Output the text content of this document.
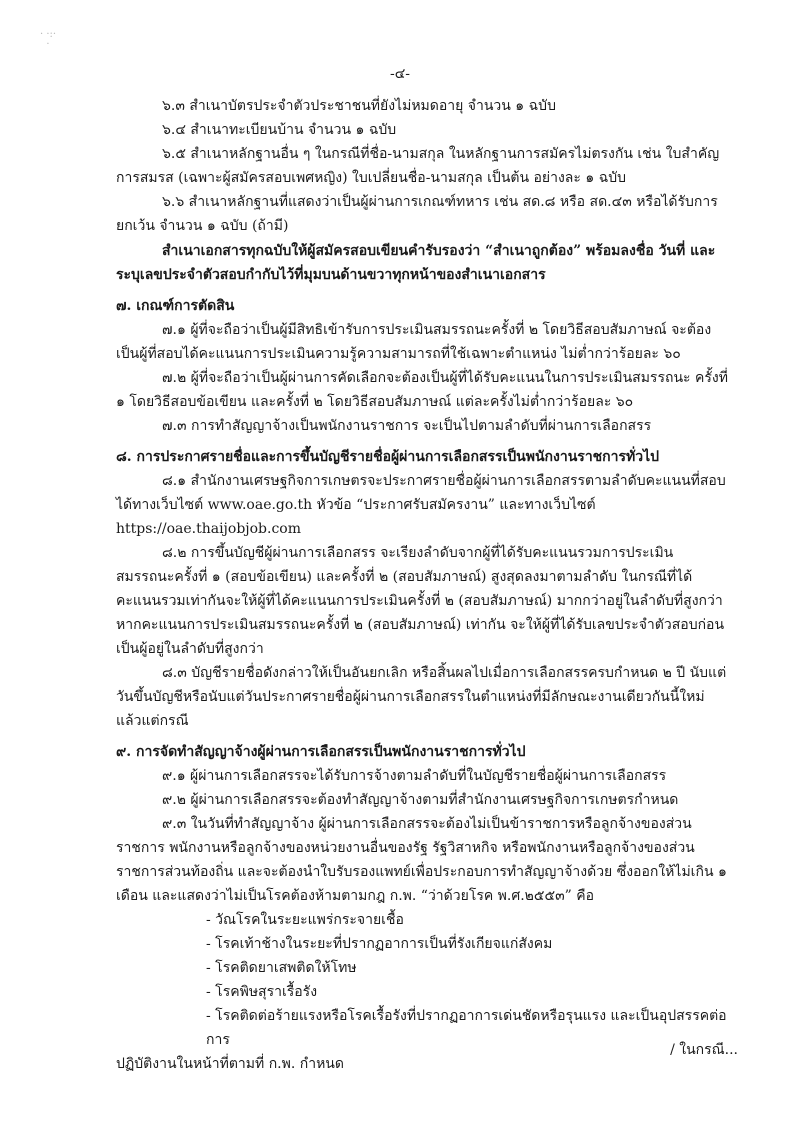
· ·:·
·
-๔-

๖.๓ สำเนาบัตรประจำตัวประชาชนที่ยังไม่หมดอายุ จำนวน ๑ ฉบับ

๖.๔ สำเนาทะเบียนบ้าน จำนวน ๑ ฉบับ

๖.๕ สำเนาหลักฐานอื่น ๆ ในกรณีที่ชื่อ-นามสกุล ในหลักฐานการสมัครไม่ตรงกัน เช่น ใบสำคัญการสมรส (เฉพาะผู้สมัครสอบเพศหญิง) ใบเปลี่ยนชื่อ-นามสกุล เป็นต้น อย่างละ ๑ ฉบับ

๖.๖ สำเนาหลักฐานที่แสดงว่าเป็นผู้ผ่านการเกณฑ์ทหาร เช่น สด.๘ หรือ สด.๔๓ หรือได้รับการยกเว้น จำนวน ๑ ฉบับ (ถ้ามี)

สำเนาเอกสารทุกฉบับให้ผู้สมัครสอบเขียนคำรับรองว่า “สำเนาถูกต้อง” พร้อมลงชื่อ วันที่ และระบุเลขประจำตัวสอบกำกับไว้ที่มุมบนด้านขวาทุกหน้าของสำเนาเอกสาร

๗. เกณฑ์การตัดสิน

๗.๑ ผู้ที่จะถือว่าเป็นผู้มีสิทธิเข้ารับการประเมินสมรรถนะครั้งที่ ๒ โดยวิธีสอบสัมภาษณ์ จะต้องเป็นผู้ที่สอบได้คะแนนการประเมินความรู้ความสามารถที่ใช้เฉพาะตำแหน่ง ไม่ต่ำกว่าร้อยละ ๖๐

๗.๒ ผู้ที่จะถือว่าเป็นผู้ผ่านการคัดเลือกจะต้องเป็นผู้ที่ได้รับคะแนนในการประเมินสมรรถนะ ครั้งที่ ๑ โดยวิธีสอบข้อเขียน และครั้งที่ ๒ โดยวิธีสอบสัมภาษณ์ แต่ละครั้งไม่ต่ำกว่าร้อยละ ๖๐

๗.๓ การทำสัญญาจ้างเป็นพนักงานราชการ จะเป็นไปตามลำดับที่ผ่านการเลือกสรร

๘. การประกาศรายชื่อและการขึ้นบัญชีรายชื่อผู้ผ่านการเลือกสรรเป็นพนักงานราชการทั่วไป

๘.๑ สำนักงานเศรษฐกิจการเกษตรจะประกาศรายชื่อผู้ผ่านการเลือกสรรตามลำดับคะแนนที่สอบได้ทางเว็บไซต์ www.oae.go.th หัวข้อ “ประกาศรับสมัครงาน” และทางเว็บไซต์ https://oae.thaijobjob.com

๘.๒ การขึ้นบัญชีผู้ผ่านการเลือกสรร จะเรียงลำดับจากผู้ที่ได้รับคะแนนรวมการประเมินสมรรถนะครั้งที่ ๑ (สอบข้อเขียน) และครั้งที่ ๒ (สอบสัมภาษณ์) สูงสุดลงมาตามลำดับ ในกรณีที่ได้คะแนนรวมเท่ากันจะให้ผู้ที่ได้คะแนนการประเมินครั้งที่ ๒ (สอบสัมภาษณ์) มากกว่าอยู่ในลำดับที่สูงกว่า หากคะแนนการประเมินสมรรถนะครั้งที่ ๒ (สอบสัมภาษณ์) เท่ากัน จะให้ผู้ที่ได้รับเลขประจำตัวสอบก่อนเป็นผู้อยู่ในลำดับที่สูงกว่า

๘.๓ บัญชีรายชื่อดังกล่าวให้เป็นอันยกเลิก หรือสิ้นผลไปเมื่อการเลือกสรรครบกำหนด ๒ ปี นับแต่วันขึ้นบัญชีหรือนับแต่วันประกาศรายชื่อผู้ผ่านการเลือกสรรในตำแหน่งที่มีลักษณะงานเดียวกันนี้ใหม่แล้วแต่กรณี

๙. การจัดทำสัญญาจ้างผู้ผ่านการเลือกสรรเป็นพนักงานราชการทั่วไป

๙.๑ ผู้ผ่านการเลือกสรรจะได้รับการจ้างตามลำดับที่ในบัญชีรายชื่อผู้ผ่านการเลือกสรร

๙.๒ ผู้ผ่านการเลือกสรรจะต้องทำสัญญาจ้างตามที่สำนักงานเศรษฐกิจการเกษตรกำหนด

๙.๓ ในวันที่ทำสัญญาจ้าง ผู้ผ่านการเลือกสรรจะต้องไม่เป็นข้าราชการหรือลูกจ้างของส่วนราชการ พนักงานหรือลูกจ้างของหน่วยงานอื่นของรัฐ รัฐวิสาหกิจ หรือพนักงานหรือลูกจ้างของส่วนราชการส่วนท้องถิ่น และจะต้องนำใบรับรองแพทย์เพื่อประกอบการทำสัญญาจ้างด้วย ซึ่งออกให้ไม่เกิน ๑ เดือน และแสดงว่าไม่เป็นโรคต้องห้ามตามกฎ ก.พ. “ว่าด้วยโรค พ.ศ.๒๕๕๓” คือ

- วัณโรคในระยะแพร่กระจายเชื้อ

- โรคเท้าช้างในระยะที่ปรากฏอาการเป็นที่รังเกียจแก่สังคม

- โรคติดยาเสพติดให้โทษ

- โรคพิษสุราเรื้อรัง

- โรคติดต่อร้ายแรงหรือโรคเรื้อรังที่ปรากฏอาการเด่นชัดหรือรุนแรง และเป็นอุปสรรคต่อการ

ปฏิบัติงานในหน้าที่ตามที่ ก.พ. กำหนด

/ ในกรณี...
